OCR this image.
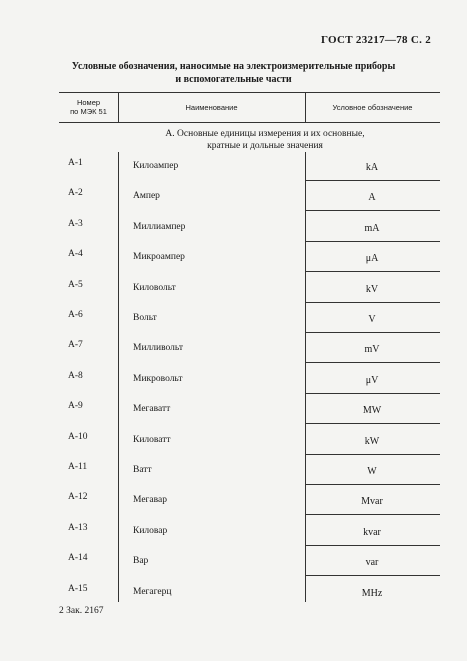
ГОСТ 23217—78 С. 2
Условные обозначения, наносимые на электроизмерительные приборы
и вспомогательные части
Номер
по МЭК 51	Наименование	Условное обозначение
А. Основные единицы измерения и их основные,
кратные и дольные значения
А-1	Килоампер	kA
А-2	Ампер	A
А-3	Миллиампер	mA
А-4	Микроампер	μA
А-5	Киловольт	kV
А-6	Вольт	V
А-7	Милливольт	mV
А-8	Микровольт	μV
А-9	Мегаватт	MW
А-10	Киловатт	kW
А-11	Ватт	W
А-12	Мегавар	Mvar
А-13	Киловар	kvar
А-14	Вар	var
А-15	Мегагерц	MHz
2 Зак. 2167
